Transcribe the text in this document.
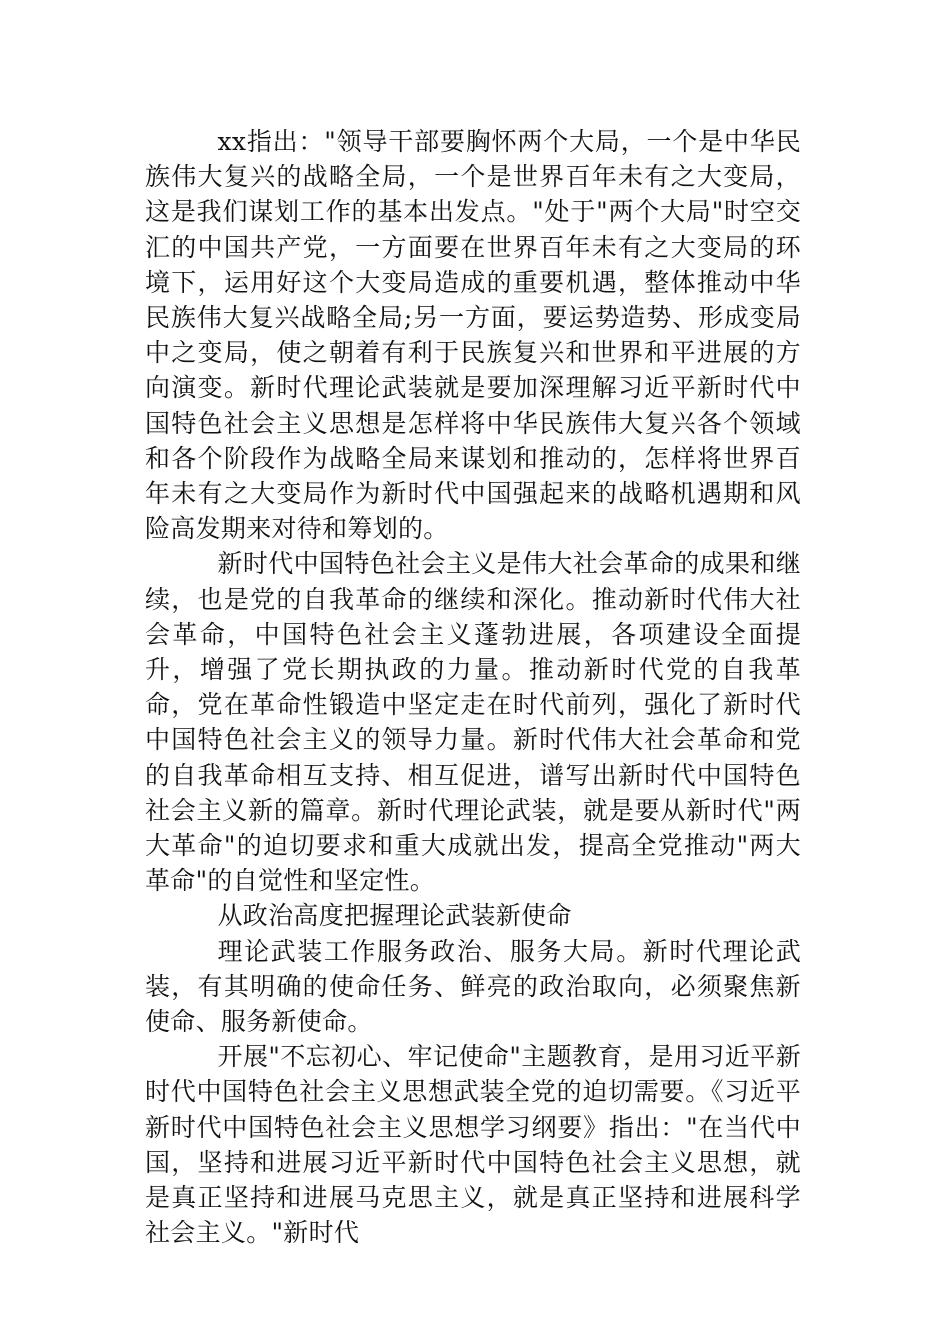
xx指出："领导干部要胸怀两个大局，一个是中华民族伟大复兴的战略全局，一个是世界百年未有之大变局，这是我们谋划工作的基本出发点。"处于"两个大局"时空交汇的中国共产党，一方面要在世界百年未有之大变局的环境下，运用好这个大变局造成的重要机遇，整体推动中华民族伟大复兴战略全局;另一方面，要运势造势、形成变局中之变局，使之朝着有利于民族复兴和世界和平进展的方向演变。新时代理论武装就是要加深理解习近平新时代中国特色社会主义思想是怎样将中华民族伟大复兴各个领域和各个阶段作为战略全局来谋划和推动的，怎样将世界百年未有之大变局作为新时代中国强起来的战略机遇期和风险高发期来对待和筹划的。

新时代中国特色社会主义是伟大社会革命的成果和继续，也是党的自我革命的继续和深化。推动新时代伟大社会革命，中国特色社会主义蓬勃进展，各项建设全面提升，增强了党长期执政的力量。推动新时代党的自我革命，党在革命性锻造中坚定走在时代前列，强化了新时代中国特色社会主义的领导力量。新时代伟大社会革命和党的自我革命相互支持、相互促进，谱写出新时代中国特色社会主义新的篇章。新时代理论武装，就是要从新时代"两大革命"的迫切要求和重大成就出发，提高全党推动"两大革命"的自觉性和坚定性。

从政治高度把握理论武装新使命

理论武装工作服务政治、服务大局。新时代理论武装，有其明确的使命任务、鲜亮的政治取向，必须聚焦新使命、服务新使命。

开展"不忘初心、牢记使命"主题教育，是用习近平新时代中国特色社会主义思想武装全党的迫切需要。《习近平新时代中国特色社会主义思想学习纲要》指出："在当代中国，坚持和进展习近平新时代中国特色社会主义思想，就是真正坚持和进展马克思主义，就是真正坚持和进展科学社会主义。"新时代
